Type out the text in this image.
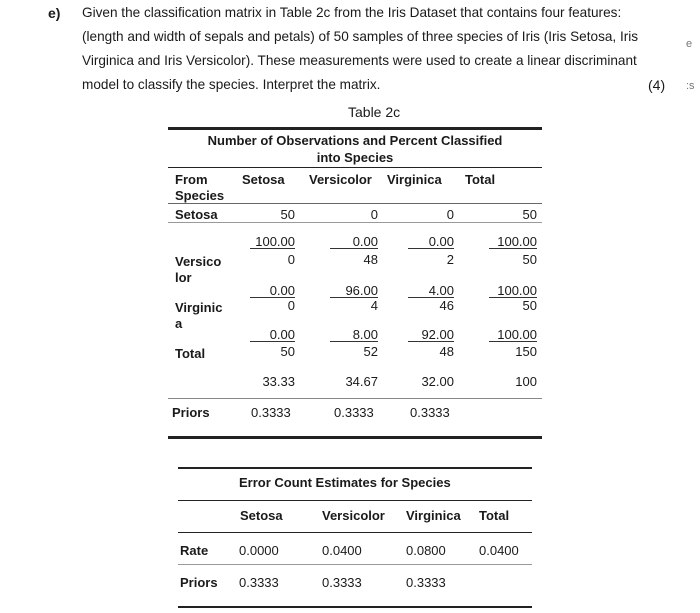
e) Given the classification matrix in Table 2c from the Iris Dataset that contains four features:
(length and width of sepals and petals) of 50 samples of three species of Iris (Iris Setosa, Iris
Virginica and Iris Versicolor). These measurements were used to create a linear discriminant
model to classify the species. Interpret the matrix.	(4)
e
:s
Table 2c
Number of Observations and Percent Classified
into Species
From
Species
Setosa Versicolor Virginica Total
Setosa	50	0	0	50
100.00	0.00	0.00	100.00
Versico
lor
0	48	2	50
0.00	96.00	4.00	100.00
Virginic
a
0	4	46	50
0.00	8.00	92.00	100.00
Total	50	52	48	150
33.33	34.67	32.00	100
Priors	0.3333	0.3333	0.3333
Error Count Estimates for Species
Setosa	Versicolor Virginica Total
Rate 0.0000	0.0400	0.0800	0.0400
Priors 0.3333	0.3333	0.3333
